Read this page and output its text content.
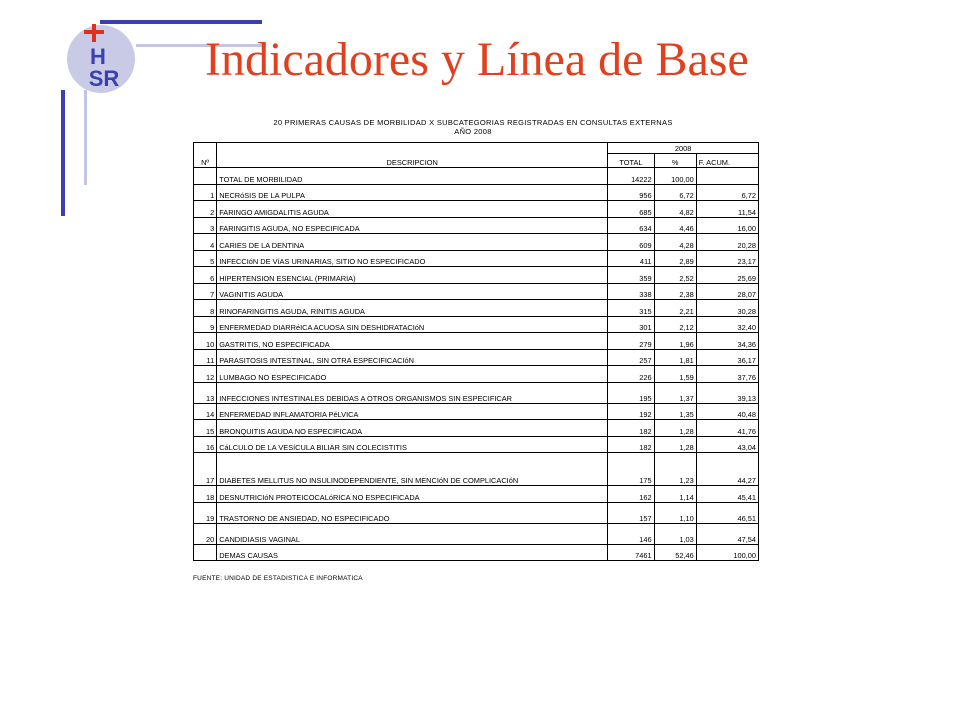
H
SR Indicadores y Línea de Base
20 PRIMERAS CAUSAS DE MORBILIDAD X SUBCATEGORIAS REGISTRADAS EN CONSULTAS EXTERNAS
AÑO 2008
Nº	DESCRIPCION	2008		
		TOTAL	%	F. ACUM.
	TOTAL DE MORBILIDAD	14222	100,00	
1	NECRóSIS DE LA PULPA	956	6,72	6,72
2	FARINGO AMIGDALITIS AGUDA	685	4,82	11,54
3	FARINGITIS AGUDA, NO ESPECIFICADA	634	4,46	16,00
4	CARIES DE LA DENTINA	609	4,28	20,28
5	INFECCIóN DE VíAS URINARIAS, SITIO NO ESPECIFICADO	411	2,89	23,17
6	HIPERTENSION ESENCIAL (PRIMARIA)	359	2,52	25,69
7	VAGINITIS AGUDA	338	2,38	28,07
8	RINOFARINGITIS AGUDA, RINITIS AGUDA	315	2,21	30,28
9	ENFERMEDAD DIARRéICA ACUOSA SIN DESHIDRATACIóN	301	2,12	32,40
10	GASTRITIS, NO ESPECIFICADA	279	1,96	34,36
11	PARASITOSIS INTESTINAL, SIN OTRA ESPECIFICACIóN	257	1,81	36,17
12	LUMBAGO NO ESPECIFICADO	226	1,59	37,76
13	INFECCIONES INTESTINALES DEBIDAS A OTROS ORGANISMOS SIN ESPECIFICAR	195	1,37	39,13
14	ENFERMEDAD INFLAMATORIA PéLVICA	192	1,35	40,48
15	BRONQUITIS AGUDA NO ESPECIFICADA	182	1,28	41,76
16	CáLCULO DE LA VESíCULA BILIAR SIN COLECISTITIS	182	1,28	43,04
17	DIABETES MELLITUS NO INSULINODEPENDIENTE, SIN MENCIóN DE COMPLICACIóN	175	1,23	44,27
18	DESNUTRICIóN PROTEICOCALóRICA NO ESPECIFICADA	162	1,14	45,41
19	TRASTORNO DE ANSIEDAD, NO ESPECIFICADO	157	1,10	46,51
20	CANDIDIASIS VAGINAL	146	1,03	47,54
	DEMAS CAUSAS	7461	52,46	100,00
FUENTE: UNIDAD DE ESTADISTICA E INFORMATICA
